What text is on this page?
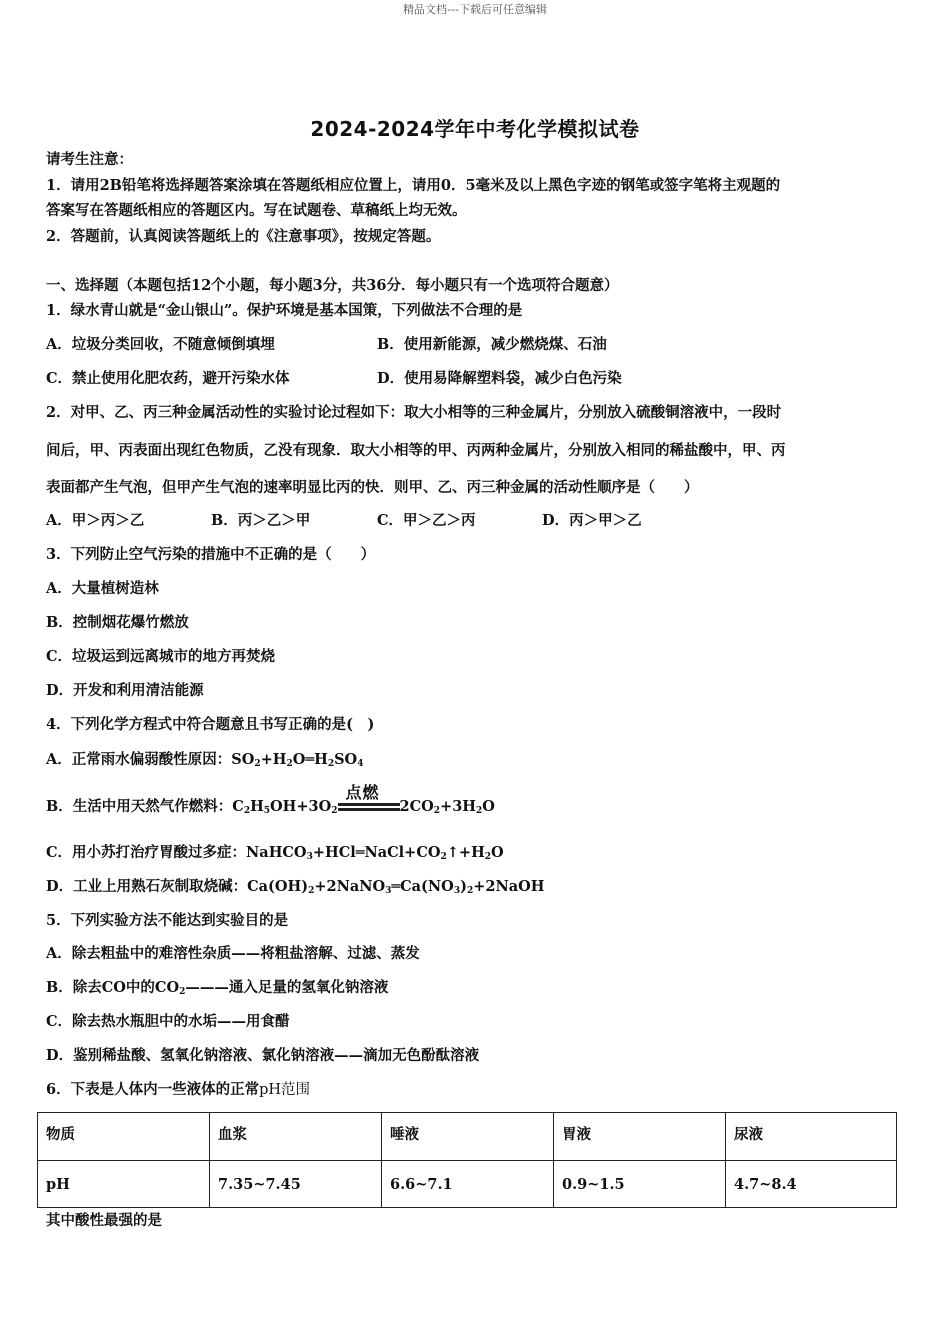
精品文档---下载后可任意编辑
2024-2024学年中考化学模拟试卷
请考生注意：
1．请用2B铅笔将选择题答案涂填在答题纸相应位置上，请用0．5毫米及以上黑色字迹的钢笔或签字笔将主观题的
答案写在答题纸相应的答题区内。写在试题卷、草稿纸上均无效。
2．答题前，认真阅读答题纸上的《注意事项》，按规定答题。
一、选择题（本题包括12个小题，每小题3分，共36分．每小题只有一个选项符合题意）
1．绿水青山就是“金山银山”。保护环境是基本国策，下列做法不合理的是
A．垃圾分类回收，不随意倾倒填埋	B．使用新能源，减少燃烧煤、石油
C．禁止使用化肥农药，避开污染水体	D．使用易降解塑料袋，减少白色污染
2．对甲、乙、丙三种金属活动性的实验讨论过程如下：取大小相等的三种金属片，分别放入硫酸铜溶液中，一段时
间后，甲、丙表面出现红色物质，乙没有现象．取大小相等的甲、丙两种金属片，分别放入相同的稀盐酸中，甲、丙
表面都产生气泡，但甲产生气泡的速率明显比丙的快．则甲、乙、丙三种金属的活动性顺序是（　　）
A．甲＞丙＞乙	B．丙＞乙＞甲	C．甲＞乙＞丙	D．丙＞甲＞乙
3．下列防止空气污染的措施中不正确的是（　　）
A．大量植树造林
B．控制烟花爆竹燃放
C．垃圾运到远离城市的地方再焚烧
D．开发和利用清洁能源
4．下列化学方程式中符合题意且书写正确的是(　)
A．正常雨水偏弱酸性原因：$SO_2+H_2O═H_2SO_4$
B．生活中用天然气作燃料：$C_2H_5OH+3O_2$
点燃
$2CO_2+3H_2O$
C．用小苏打治疗胃酸过多症：$NaHCO_3+HCl═NaCl+CO_2↑+H_2O$
D．工业上用熟石灰制取烧碱：$Ca(OH)_2+2NaNO_3═Ca(NO_3)_2+2NaOH$
5．下列实验方法不能达到实验目的是
A．除去粗盐中的难溶性杂质——将粗盐溶解、过滤、蒸发
B．除去CO中的$CO_2———$通入足量的氢氧化钠溶液
C．除去热水瓶胆中的水垢——用食醋
D．鉴别稀盐酸、氢氧化钠溶液、氯化钠溶液——滴加无色酚酞溶液
6．下表是人体内一些液体的正常pH范围
物质	血浆	唾液	胃液	尿液
pH	7.35~7.45	6.6~7.1	0.9~1.5	4.7~8.4
其中酸性最强的是
